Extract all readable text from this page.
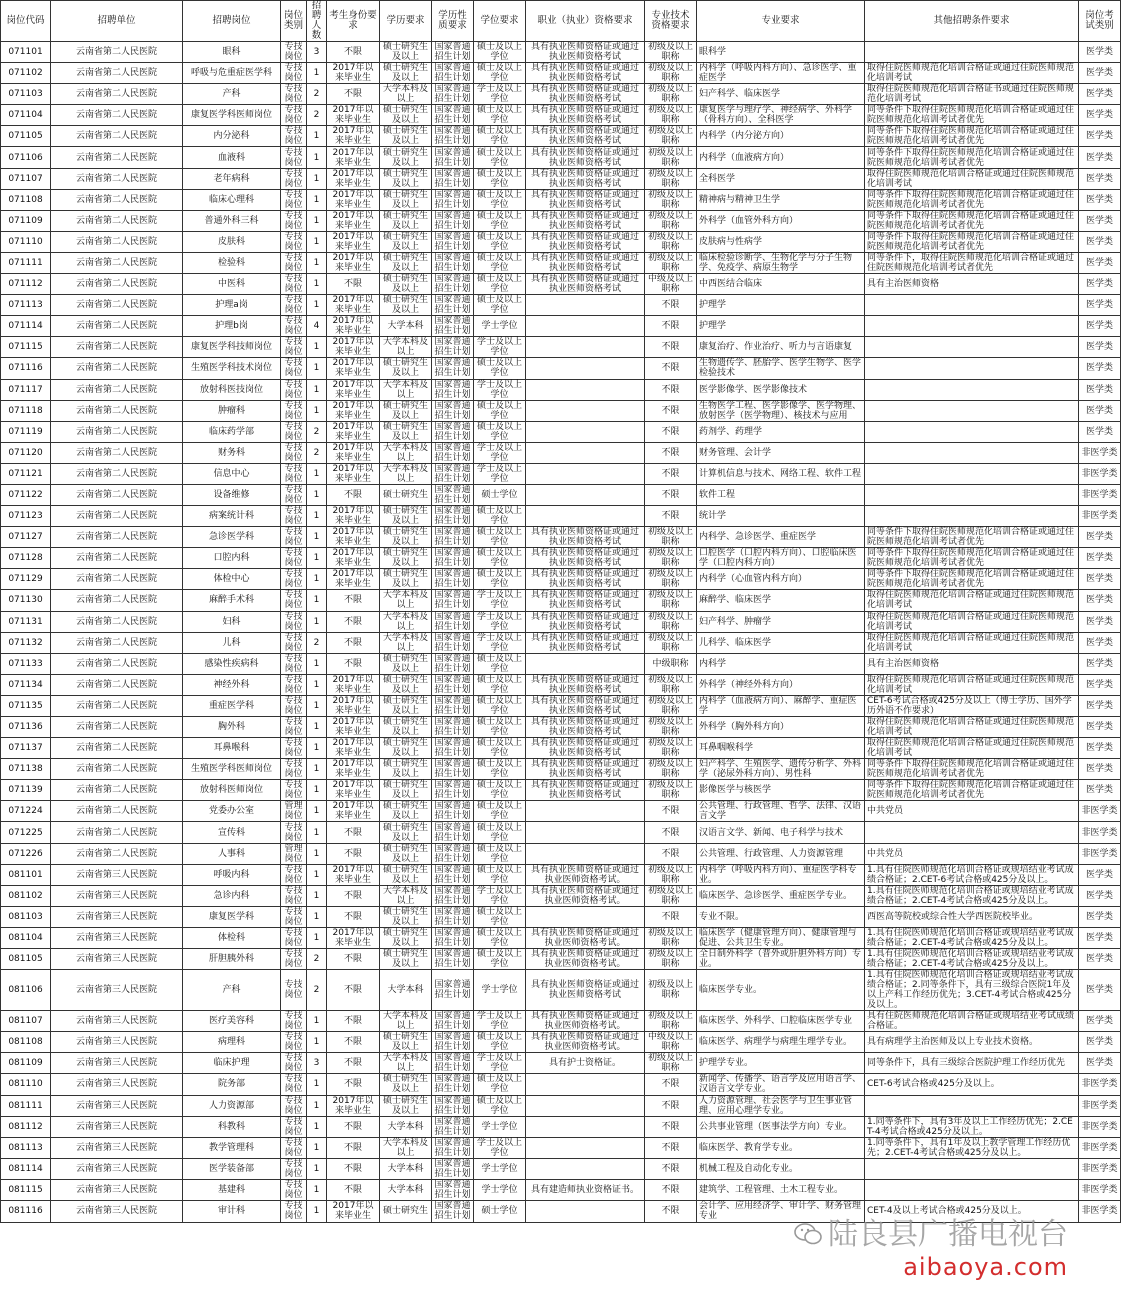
岗位代码	招聘单位	招聘岗位	岗位类别	招聘人数	考生身份要求	学历要求	学历性质要求	学位要求	职业（执业）资格要求	专业技术资格要求	专业要求	其他招聘条件要求	岗位考试类别
071101	云南省第二人民医院	眼科	专技岗位	3	不限	硕士研究生及以上	国家普通招生计划	硕士及以上学位	具有执业医师资格证或通过执业医师资格考试	初级及以上职称	眼科学		医学类
071102	云南省第二人民医院	呼吸与危重症医学科	专技岗位	1	2017年以来毕业生	硕士研究生及以上	国家普通招生计划	硕士及以上学位	具有执业医师资格证或通过执业医师资格考试	初级及以上职称	内科学（呼吸内科方向）、急诊医学、重症医学	取得住院医师规范化培训合格证或通过住院医师规范化培训考试	医学类
071103	云南省第二人民医院	产科	专技岗位	2	不限	大学本科及以上	国家普通招生计划	学士及以上学位	具有执业医师资格证或通过执业医师资格考试	初级及以上职称	妇产科学、临床医学	取得住院医师规范化培训合格证书或通过住院医师规范化培训考试	医学类
071104	云南省第二人民医院	康复医学科医师岗位	专技岗位	2	2017年以来毕业生	硕士研究生及以上	国家普通招生计划	硕士及以上学位	具有执业医师资格证或通过执业医师资格考试	初级及以上职称	康复医学与理疗学、神经病学、外科学（骨科方向）、全科医学	同等条件下取得住院医师规范化培训合格证或通过住院医师规范化培训考试者优先	医学类
071105	云南省第二人民医院	内分泌科	专技岗位	1	2017年以来毕业生	硕士研究生及以上	国家普通招生计划	硕士及以上学位	具有执业医师资格证或通过执业医师资格考试	初级及以上职称	内科学（内分泌方向）	同等条件下取得住院医师规范化培训合格证或通过住院医师规范化培训考试者优先	医学类
071106	云南省第二人民医院	血液科	专技岗位	1	2017年以来毕业生	硕士研究生及以上	国家普通招生计划	硕士及以上学位	具有执业医师资格证或通过执业医师资格考试	初级及以上职称	内科学（血液病方向）	同等条件下取得住院医师规范化培训合格证或通过住院医师规范化培训考试者优先	医学类
071107	云南省第二人民医院	老年病科	专技岗位	1	2017年以来毕业生	硕士研究生及以上	国家普通招生计划	硕士及以上学位	具有执业医师资格证或通过执业医师资格考试	初级及以上职称	全科医学	取得住院医师规范化培训合格证或通过住院医师规范化培训考试	医学类
071108	云南省第二人民医院	临床心理科	专技岗位	1	2017年以来毕业生	硕士研究生及以上	国家普通招生计划	硕士及以上学位	具有执业医师资格证或通过执业医师资格考试	初级及以上职称	精神病与精神卫生学	同等条件下取得住院医师规范化培训合格证或通过住院医师规范化培训考试者优先	医学类
071109	云南省第二人民医院	普通外科三科	专技岗位	1	2017年以来毕业生	硕士研究生及以上	国家普通招生计划	硕士及以上学位	具有执业医师资格证或通过执业医师资格考试	初级及以上职称	外科学（血管外科方向）	同等条件下取得住院医师规范化培训合格证或通过住院医师规范化培训考试者优先	医学类
071110	云南省第二人民医院	皮肤科	专技岗位	1	2017年以来毕业生	硕士研究生及以上	国家普通招生计划	硕士及以上学位	具有执业医师资格证或通过执业医师资格考试	初级及以上职称	皮肤病与性病学	同等条件下取得住院医师规范化培训合格证或通过住院医师规范化培训考试者优先	医学类
071111	云南省第二人民医院	检验科	专技岗位	1	2017年以来毕业生	硕士研究生及以上	国家普通招生计划	硕士及以上学位	具有执业医师资格证或通过执业医师资格考试	初级及以上职称	临床检验诊断学、生物化学与分子生物学、免疫学、病原生物学	同等条件下，取得住院医师规范化培训合格证或通过住院医师规范化培训考试者优先	医学类
071112	云南省第二人民医院	中医科	专技岗位	1	不限	硕士研究生及以上	国家普通招生计划	硕士及以上学位	具有执业医师资格证或通过执业医师资格考试	中级及以上职称	中西医结合临床	具有主治医师资格	医学类
071113	云南省第二人民医院	护理a岗	专技岗位	1	2017年以来毕业生	硕士研究生及以上	国家普通招生计划	硕士及以上学位		不限	护理学		医学类
071114	云南省第二人民医院	护理b岗	专技岗位	4	2017年以来毕业生	大学本科	国家普通招生计划	学士学位		不限	护理学		医学类
071115	云南省第二人民医院	康复医学科技师岗位	专技岗位	1	2017年以来毕业生	大学本科及以上	国家普通招生计划	学士及以上学位		不限	康复治疗、作业治疗、听力与言语康复		医学类
071116	云南省第二人民医院	生殖医学科技术岗位	专技岗位	1	2017年以来毕业生	硕士研究生及以上	国家普通招生计划	硕士及以上学位		不限	生物遗传学、胚胎学、医学生物学、医学检验技术		医学类
071117	云南省第二人民医院	放射科医技岗位	专技岗位	1	2017年以来毕业生	大学本科及以上	国家普通招生计划	学士及以上学位		不限	医学影像学、医学影像技术		医学类
071118	云南省第二人民医院	肿瘤科	专技岗位	1	2017年以来毕业生	硕士研究生及以上	国家普通招生计划	硕士及以上学位		不限	生物医学工程、医学影像学、医学物理、放射医学（医学物理）、核技术与应用		医学类
071119	云南省第二人民医院	临床药学部	专技岗位	2	2017年以来毕业生	硕士研究生及以上	国家普通招生计划	硕士及以上学位		不限	药剂学、药理学		医学类
071120	云南省第二人民医院	财务科	专技岗位	2	2017年以来毕业生	大学本科及以上	国家普通招生计划	学士及以上学位		不限	财务管理、会计学		非医学类
071121	云南省第二人民医院	信息中心	专技岗位	1	2017年以来毕业生	大学本科及以上	国家普通招生计划	学士及以上学位		不限	计算机信息与技术、网络工程、软件工程		非医学类
071122	云南省第二人民医院	设备维修	专技岗位	1	不限	硕士研究生	国家普通招生计划	硕士学位		不限	软件工程		非医学类
071123	云南省第二人民医院	病案统计科	专技岗位	1	2017年以来毕业生	硕士研究生及以上	国家普通招生计划	硕士及以上学位		不限	统计学		非医学类
071127	云南省第二人民医院	急诊医学科	专技岗位	1	2017年以来毕业生	硕士研究生及以上	国家普通招生计划	硕士及以上学位	具有执业医师资格证或通过执业医师资格考试	初级及以上职称	内科学、急诊医学、重症医学	同等条件下取得住院医师规范化培训合格证或通过住院医师规范化培训考试者优先	医学类
071128	云南省第二人民医院	口腔内科	专技岗位	1	2017年以来毕业生	硕士研究生及以上	国家普通招生计划	硕士及以上学位	具有执业医师资格证或通过执业医师资格考试	初级及以上职称	口腔医学（口腔内科方向）、口腔临床医学（口腔内科方向）	同等条件下取得住院医师规范化培训合格证或通过住院医师规范化培训考试者优先	医学类
071129	云南省第二人民医院	体检中心	专技岗位	1	2017年以来毕业生	硕士研究生及以上	国家普通招生计划	硕士及以上学位	具有执业医师资格证或通过执业医师资格考试	初级及以上职称	内科学（心血管内科方向）	同等条件下取得住院医师规范化培训合格证或通过住院医师规范化培训考试者优先	医学类
071130	云南省第二人民医院	麻醉手术科	专技岗位	1	不限	大学本科及以上	国家普通招生计划	学士及以上学位	具有执业医师资格证或通过执业医师资格考试	初级及以上职称	麻醉学、临床医学	取得住院医师规范化培训合格证或通过住院医师规范化培训考试	医学类
071131	云南省第二人民医院	妇科	专技岗位	1	不限	大学本科及以上	国家普通招生计划	学士及以上学位	具有执业医师资格证或通过执业医师资格考试	初级及以上职称	妇产科学、肿瘤学	取得住院医师规范化培训合格证或通过住院医师规范化培训考试	医学类
071132	云南省第二人民医院	儿科	专技岗位	2	不限	大学本科及以上	国家普通招生计划	学士及以上学位	具有执业医师资格证或通过执业医师资格考试	初级及以上职称	儿科学、临床医学	取得住院医师规范化培训合格证或通过住院医师规范化培训考试	医学类
071133	云南省第二人民医院	感染性疾病科	专技岗位	1	不限	硕士研究生及以上	国家普通招生计划	硕士及以上学位		中级职称	内科学	具有主治医师资格	医学类
071134	云南省第二人民医院	神经外科	专技岗位	1	2017年以来毕业生	硕士研究生及以上	国家普通招生计划	硕士及以上学位	具有执业医师资格证或通过执业医师资格考试	初级及以上职称	外科学（神经外科方向）	取得住院医师规范化培训合格证或通过住院医师规范化培训考试	医学类
071135	云南省第二人民医院	重症医学科	专技岗位	1	2017年以来毕业生	硕士研究生及以上	国家普通招生计划	硕士及以上学位	具有执业医师资格证或通过执业医师资格考试	初级及以上职称	内科学（血液病方向）、麻醉学、重症医学	CET-6考试合格或425分及以上（博士学历、国外学历外语不作要求）	医学类
071136	云南省第二人民医院	胸外科	专技岗位	1	2017年以来毕业生	硕士研究生及以上	国家普通招生计划	硕士及以上学位	具有执业医师资格证或通过执业医师资格考试	初级及以上职称	外科学（胸外科方向）	取得住院医师规范化培训合格证或通过住院医师规范化培训考试	医学类
071137	云南省第二人民医院	耳鼻喉科	专技岗位	1	2017年以来毕业生	硕士研究生及以上	国家普通招生计划	硕士及以上学位	具有执业医师资格证或通过执业医师资格考试	初级及以上职称	耳鼻咽喉科学	取得住院医师规范化培训合格证或通过住院医师规范化培训考试	医学类
071138	云南省第二人民医院	生殖医学科医师岗位	专技岗位	1	2017年以来毕业生	硕士研究生及以上	国家普通招生计划	硕士及以上学位	具有执业医师资格证或通过执业医师资格考试	初级及以上职称	妇产科学、生殖医学、遗传分析学、外科学（泌尿外科方向）、男性科	同等条件下取得住院医师规范化培训合格证或通过住院医师规范化培训考试者优先	医学类
071139	云南省第二人民医院	放射科医师岗位	专技岗位	1	2017年以来毕业生	硕士研究生及以上	国家普通招生计划	硕士及以上学位	具有执业医师资格证或通过执业医师资格考试	初级及以上职称	影像医学与核医学	同等条件下取得住院医师规范化培训合格证或通过住院医师规范化培训考试者优先	医学类
071224	云南省第二人民医院	党委办公室	管理岗位	1	2017年以来毕业生	硕士研究生及以上	国家普通招生计划	硕士及以上学位		不限	公共管理、行政管理、哲学、法律、汉语言文学	中共党员	非医学类
071225	云南省第二人民医院	宣传科	专技岗位	1	不限	硕士研究生及以上	国家普通招生计划	硕士及以上学位		不限	汉语言文学、新闻、电子科学与技术		非医学类
071226	云南省第二人民医院	人事科	管理岗位	1	不限	硕士研究生及以上	国家普通招生计划	硕士及以上学位		不限	公共管理、行政管理、人力资源管理	中共党员	非医学类
081101	云南省第三人民医院	呼吸内科	专技岗位	1	2017年以来毕业生	硕士研究生及以上	国家普通招生计划	硕士及以上学位	具有执业医师资格证或通过执业医师资格考试。	初级及以上职称	内科学（呼吸内科方向）、重症医学科专业。	1.具有住院医师规范化培训合格证或规培结业考试成绩合格证；2.CET-6考试合格或425分及以上。	医学类
081102	云南省第三人民医院	急诊内科	专技岗位	1	不限	大学本科及以上	国家普通招生计划	学士及以上学位	具有执业医师资格证或通过执业医师资格考试。	初级及以上职称	临床医学、急诊医学、重症医学专业。	1.具有住院医师规范化培训合格证或规培结业考试成绩合格证；2.CET-4考试合格或425分及以上。	医学类
081103	云南省第三人民医院	康复医学科	专技岗位	1	不限	硕士研究生及以上	国家普通招生计划	硕士及以上学位		不限	专业不限。	西医高等院校或综合性大学西医院校毕业。	医学类
081104	云南省第三人民医院	体检科	专技岗位	1	2017年以来毕业生	硕士研究生及以上	国家普通招生计划	硕士及以上学位	具有执业医师资格证或通过执业医师资格考试。	初级及以上职称	临床医学（健康管理方向）、健康管理与促进、公共卫生专业。	1.具有住院医师规范化培训合格证或规培结业考试成绩合格证；2.CET-4考试合格或425分及以上。	医学类
081105	云南省第三人民医院	肝胆胰外科	专技岗位	2	不限	硕士研究生及以上	国家普通招生计划	硕士及以上学位	具有执业医师资格证或通过执业医师资格考试。	初级及以上职称	全日制外科学（普外或肝胆外科方向）专业。	1.具有住院医师规范化培训合格证或规培结业考试成绩合格证；2.CET-4考试合格或425分及以上。	医学类
081106	云南省第三人民医院	产科	专技岗位	2	不限	大学本科	国家普通招生计划	学士学位	具有执业医师资格证或通过执业医师资格考试	初级及以上职称	临床医学专业。	1.具有住院医师规范化培训合格证或规培结业考试成绩合格证；2.同等条件下，具有三级综合医院1年及以上产科工作经历优先；3.CET-4考试合格或425分及以上。	医学类
081107	云南省第三人民医院	医疗美容科	专技岗位	1	不限	大学本科及以上	国家普通招生计划	学士及以上学位	具有执业医师资格证或通过执业医师资格考试。	初级及以上职称	临床医学、外科学、口腔临床医学专业	具有住院医师规范化培训合格证或规培结业考试成绩合格证。	医学类
081108	云南省第三人民医院	病理科	专技岗位	1	不限	硕士研究生及以上	国家普通招生计划	硕士及以上学位	具有执业医师资格证或通过执业医师资格考试。	中级及以上职称	临床医学、病理学与病理生理学专业。	具有病理学主治医师及以上专业技术资格。	医学类
081109	云南省第三人民医院	临床护理	专技岗位	3	不限	大学本科及以上	国家普通招生计划	学士及以上学位	具有护士资格证。	初级及以上职称	护理学专业。	同等条件下，具有三级综合医院护理工作经历优先	医学类
081110	云南省第三人民医院	院务部	专技岗位	1	不限	硕士研究生及以上	国家普通招生计划	硕士及以上学位		不限	新闻学、传播学、语言学及应用语言学、汉语言文学专业。	CET-6考试合格或425分及以上。	非医学类
081111	云南省第三人民医院	人力资源部	专技岗位	1	2017年以来毕业生	硕士研究生及以上	国家普通招生计划	硕士及以上学位		不限	人力资源管理、社会医学与卫生事业管理、应用心理学专业。		非医学类
081112	云南省第三人民医院	科教科	专技岗位	1	不限	大学本科	国家普通招生计划	学士学位		不限	公共事业管理（医事法学方向）专业。	1.同等条件下，具有3年及以上工作经历优先；2.CET-4考试合格或425分及以上。	非医学类
081113	云南省第三人民医院	教学管理科	专技岗位	1	不限	大学本科及以上	国家普通招生计划	学士及以上学位		不限	临床医学、教育学专业。	1.同等条件下，具有1年及以上教学管理工作经历优先；2.CET-4考试合格或425分及以上。	非医学类
081114	云南省第三人民医院	医学装备部	专技岗位	1	不限	大学本科	国家普通招生计划	学士学位		不限	机械工程及自动化专业。		非医学类
081115	云南省第三人民医院	基建科	专技岗位	1	不限	大学本科	国家普通招生计划	学士学位	具有建造师执业资格证书。	不限	建筑学、工程管理、土木工程专业。		非医学类
081116	云南省第三人民医院	审计科	专技岗位	1	2017年以来毕业生	硕士研究生	国家普通招生计划	硕士学位		不限	会计学、应用经济学、审计学、财务管理专业	CET-4及以上考试合格或425分及以上。	非医学类
陆良县广播电视台
aibaoya.com
